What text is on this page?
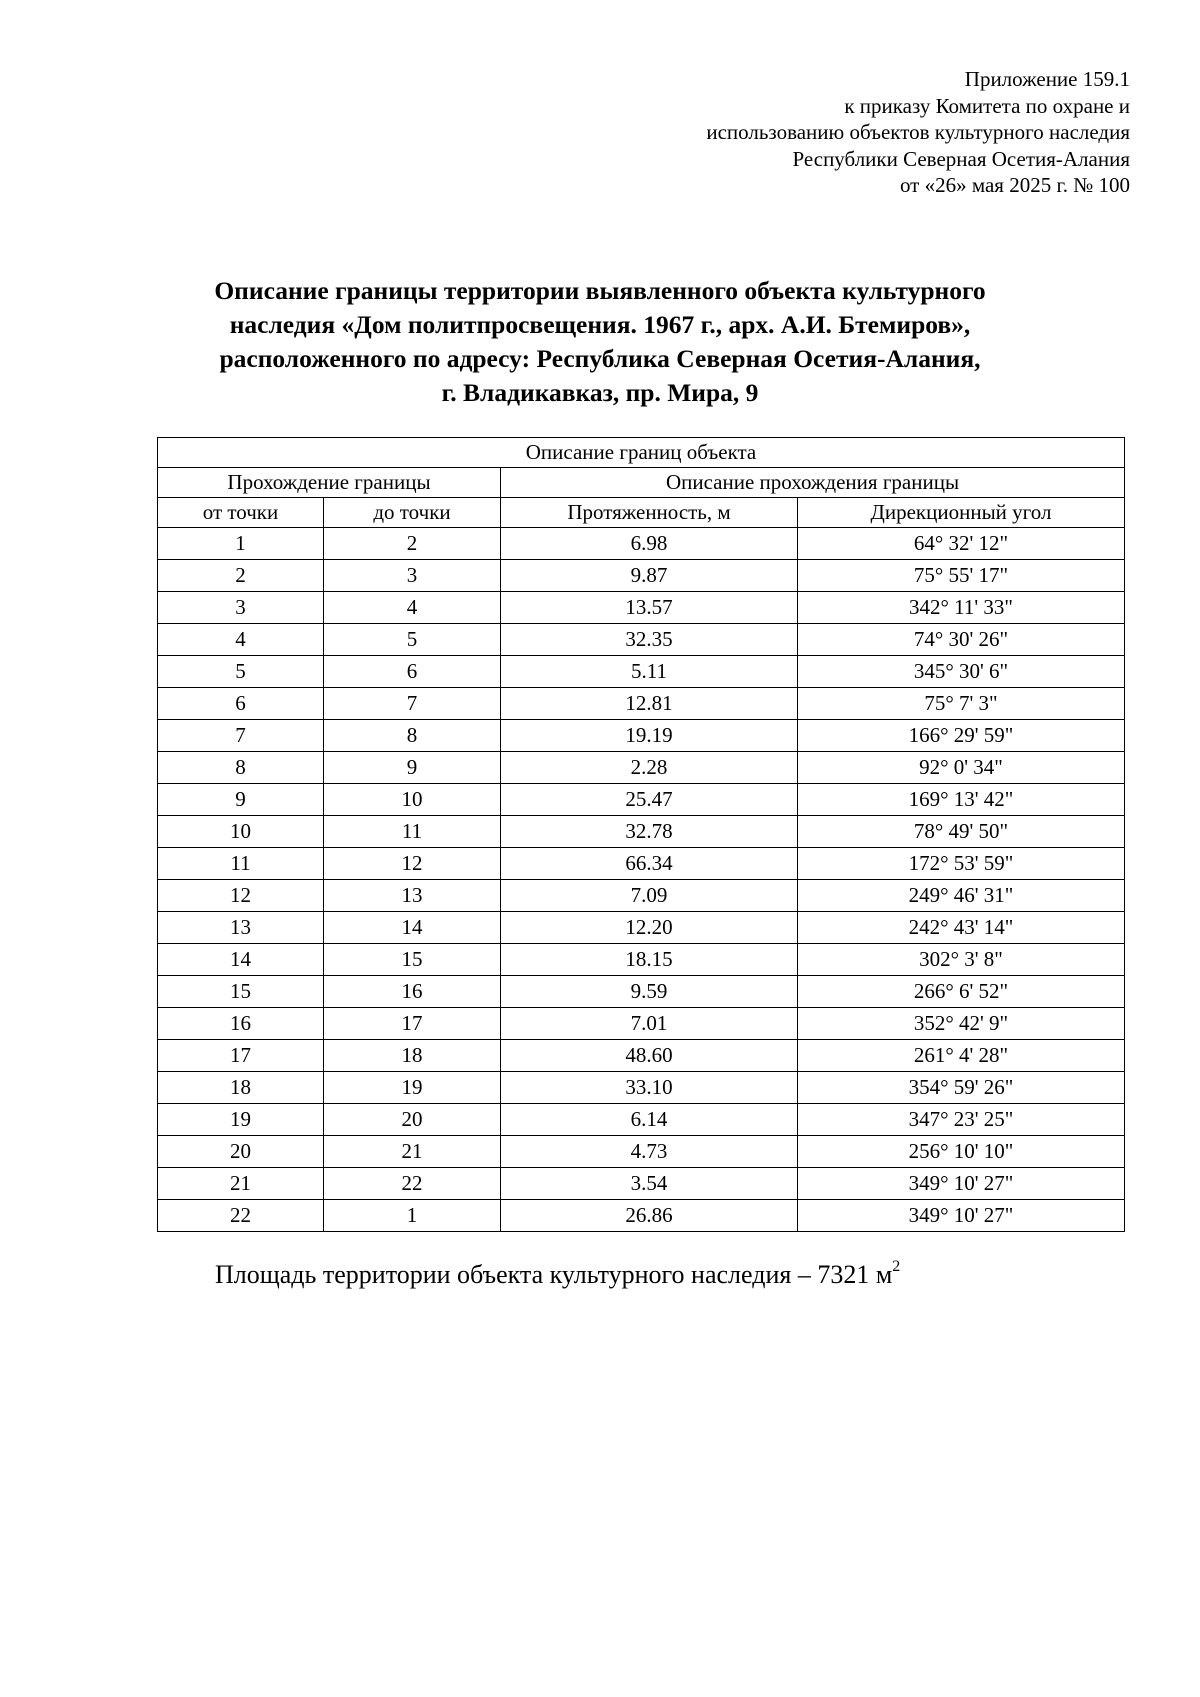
Приложение 159.1
к приказу Комитета по охране и
использованию объектов культурного наследия
Республики Северная Осетия-Алания
от «26» мая 2025 г. № 100
Описание границы территории выявленного объекта культурного
наследия «Дом политпросвещения. 1967 г., арх. А.И. Бтемиров»,
расположенного по адресу: Республика Северная Осетия-Алания,
г. Владикавказ, пр. Мира, 9
Описание границ объекта			
Прохождение границы		Описание прохождения границы	
от точки	до точки	Протяженность, м	Дирекционный угол
1	2	6.98	64° 32' 12"
2	3	9.87	75° 55' 17"
3	4	13.57	342° 11' 33"
4	5	32.35	74° 30' 26"
5	6	5.11	345° 30' 6"
6	7	12.81	75° 7' 3"
7	8	19.19	166° 29' 59"
8	9	2.28	92° 0' 34"
9	10	25.47	169° 13' 42"
10	11	32.78	78° 49' 50"
11	12	66.34	172° 53' 59"
12	13	7.09	249° 46' 31"
13	14	12.20	242° 43' 14"
14	15	18.15	302° 3' 8"
15	16	9.59	266° 6' 52"
16	17	7.01	352° 42' 9"
17	18	48.60	261° 4' 28"
18	19	33.10	354° 59' 26"
19	20	6.14	347° 23' 25"
20	21	4.73	256° 10' 10"
21	22	3.54	349° 10' 27"
22	1	26.86	349° 10' 27"
Площадь территории объекта культурного наследия – 7321 $м^2$
